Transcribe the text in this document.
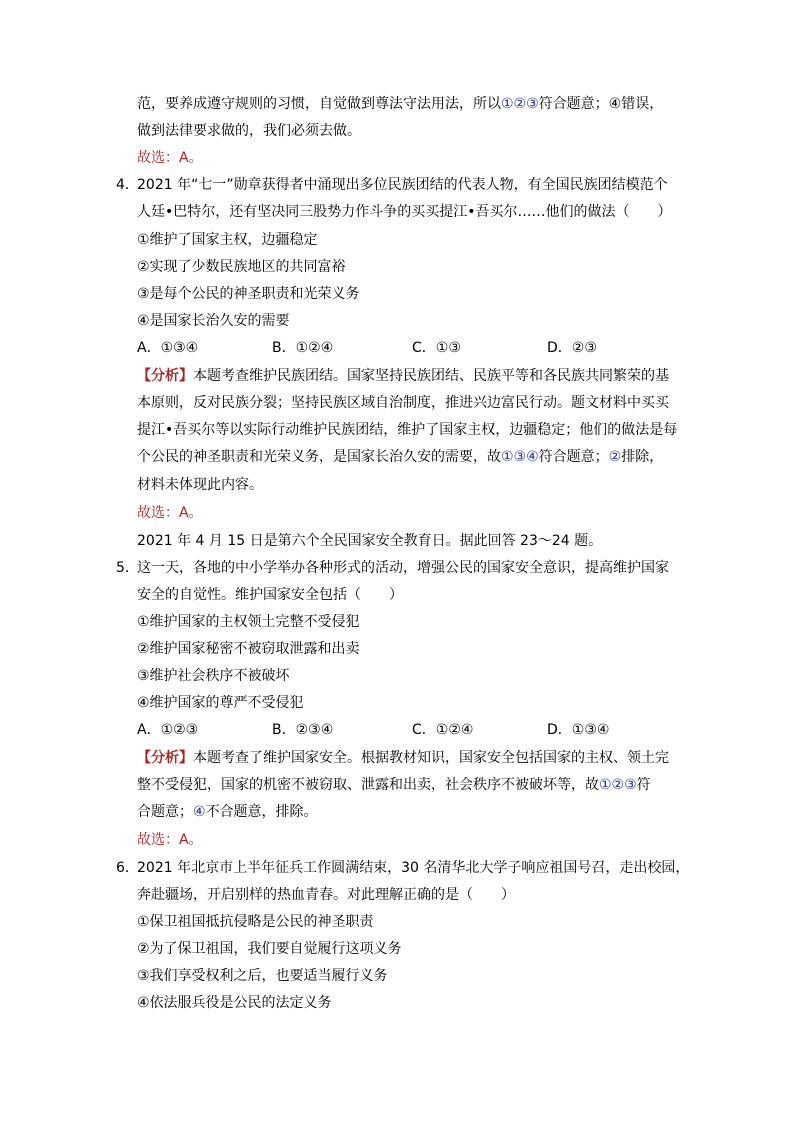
范，要养成遵守规则的习惯，自觉做到尊法守法用法，所以①②③符合题意；④错误，
做到法律要求做的，我们必须去做。
故选：A。
4．
2021 年“七一”勋章获得者中涌现出多位民族团结的代表人物，有全国民族团结模范个
人廷•巴特尔，还有坚决同三股势力作斗争的买买提江•吾买尔……他们的做法（　　）
①维护了国家主权，边疆稳定
②实现了少数民族地区的共同富裕
③是每个公民的神圣职责和光荣义务
④是国家长治久安的需要
A．①③④	B．①②④	C．①③	D．②③
【分析】本题考查维护民族团结。国家坚持民族团结、民族平等和各民族共同繁荣的基
本原则，反对民族分裂；坚持民族区域自治制度，推进兴边富民行动。题文材料中买买
提江•吾买尔等以实际行动维护民族团结，维护了国家主权，边疆稳定；他们的做法是每
个公民的神圣职责和光荣义务，是国家长治久安的需要，故①③④符合题意；②排除，
材料未体现此内容。
故选：A。
2021 年 4 月 15 日是第六个全民国家安全教育日。据此回答 23～24 题。
5．
这一天，各地的中小学举办各种形式的活动，增强公民的国家安全意识，提高维护国家
安全的自觉性。维护国家安全包括（　　）
①维护国家的主权领土完整不受侵犯
②维护国家秘密不被窃取泄露和出卖
③维护社会秩序不被破坏
④维护国家的尊严不受侵犯
A．①②③	B．②③④	C．①②④	D．①③④
【分析】本题考查了维护国家安全。根据教材知识，国家安全包括国家的主权、领土完
整不受侵犯，国家的机密不被窃取、泄露和出卖，社会秩序不被破坏等，故①②③符
合题意；④不合题意，排除。
故选：A。
6．
2021 年北京市上半年征兵工作圆满结束，30 名清华北大学子响应祖国号召，走出校园，
奔赴疆场，开启别样的热血青春。对此理解正确的是（　　）
①保卫祖国抵抗侵略是公民的神圣职责
②为了保卫祖国，我们要自觉履行这项义务
③我们享受权利之后，也要适当履行义务
④依法服兵役是公民的法定义务
